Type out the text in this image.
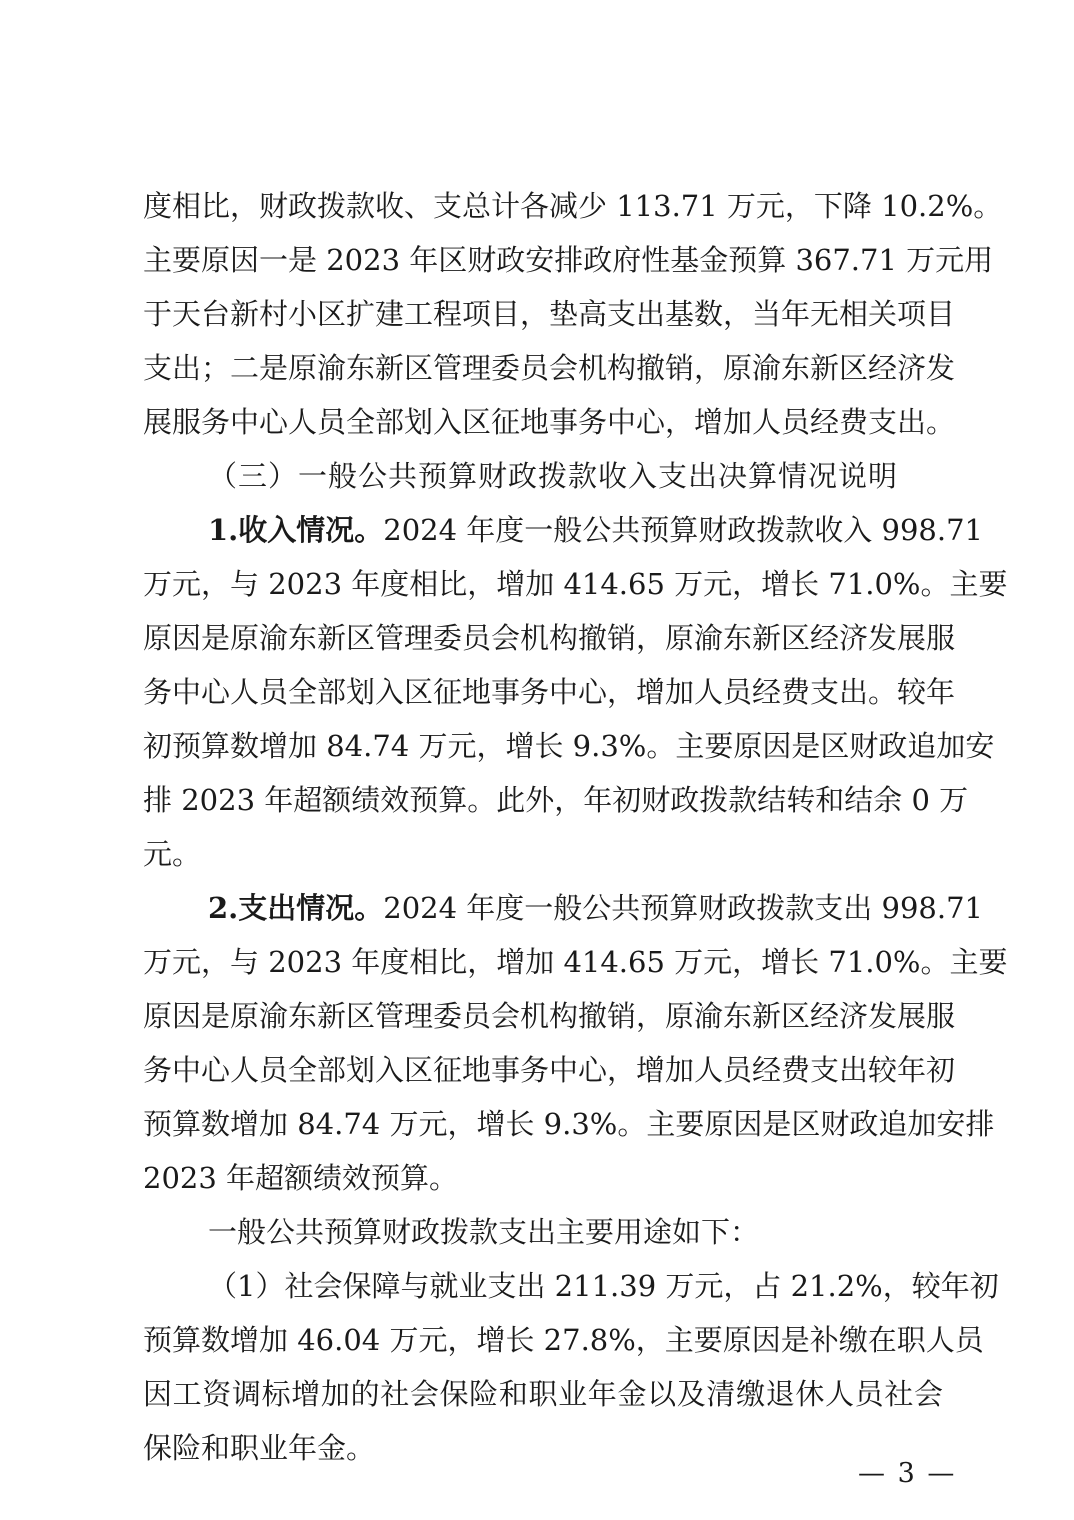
度相比，财政拨款收、支总计各减少 113.71 万元，下降 10.2%。
主要原因一是 2023 年区财政安排政府性基金预算 367.71 万元用
于天台新村小区扩建工程项目，垫高支出基数，当年无相关项目
支出；二是原渝东新区管理委员会机构撤销，原渝东新区经济发
展服务中心人员全部划入区征地事务中心，增加人员经费支出。
（三）一般公共预算财政拨款收入支出决算情况说明
1.收入情况。2024 年度一般公共预算财政拨款收入 998.71
万元，与 2023 年度相比，增加 414.65 万元，增长 71.0%。主要
原因是原渝东新区管理委员会机构撤销，原渝东新区经济发展服
务中心人员全部划入区征地事务中心，增加人员经费支出。较年
初预算数增加 84.74 万元，增长 9.3%。主要原因是区财政追加安
排 2023 年超额绩效预算。此外，年初财政拨款结转和结余 0 万
元。
2.支出情况。2024 年度一般公共预算财政拨款支出 998.71
万元，与 2023 年度相比，增加 414.65 万元，增长 71.0%。主要
原因是原渝东新区管理委员会机构撤销，原渝东新区经济发展服
务中心人员全部划入区征地事务中心，增加人员经费支出较年初
预算数增加 84.74 万元，增长 9.3%。主要原因是区财政追加安排
2023 年超额绩效预算。
一般公共预算财政拨款支出主要用途如下：
（1）社会保障与就业支出 211.39 万元，占 21.2%，较年初
预算数增加 46.04 万元，增长 27.8%，主要原因是补缴在职人员
因工资调标增加的社会保险和职业年金以及清缴退休人员社会
保险和职业年金。
— 3 —
